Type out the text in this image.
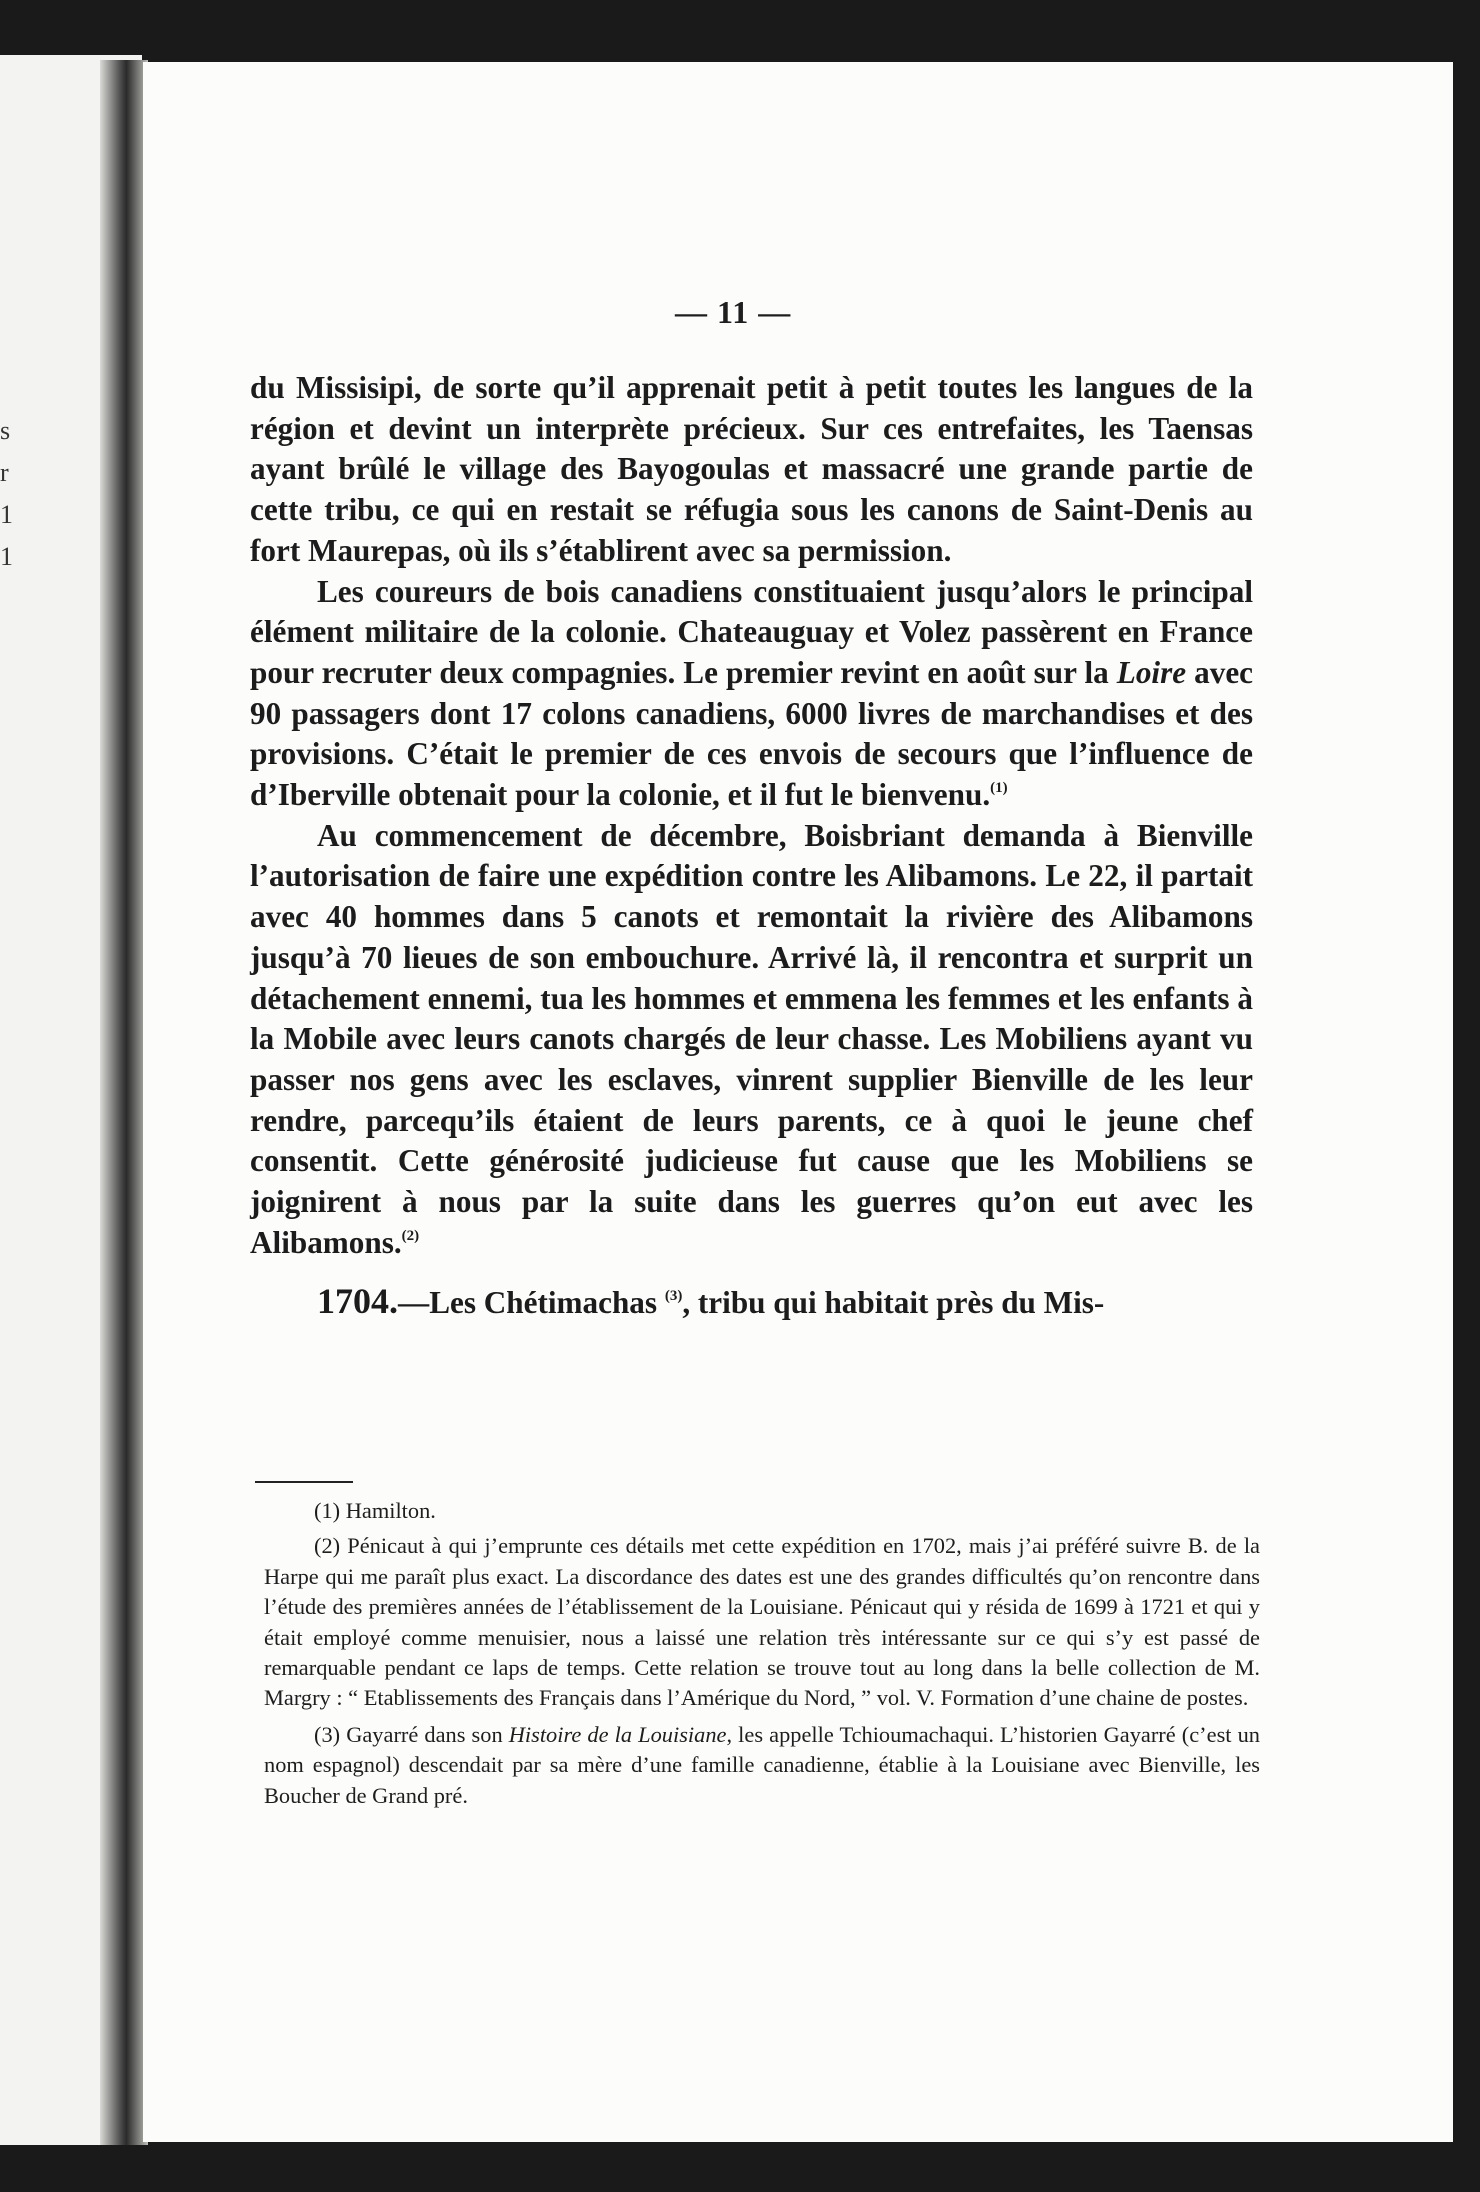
s
r
1
1
— 11 —

du Missisipi, de sorte qu’il apprenait petit à petit toutes les langues de la région et devint un interprète précieux. Sur ces entrefaites, les Taensas ayant brûlé le village des Bayogoulas et massacré une grande partie de cette tribu, ce qui en restait se réfugia sous les canons de Saint-Denis au fort Maurepas, où ils s’établirent avec sa permission.

Les coureurs de bois canadiens constituaient jusqu’alors le principal élément militaire de la colonie. Chateauguay et Volez passèrent en France pour recruter deux compagnies. Le premier revint en août sur la Loire avec 90 passagers dont 17 colons canadiens, 6000 livres de marchandises et des provisions. C’était le premier de ces envois de secours que l’influence de d’Iberville obtenait pour la colonie, et il fut le bienvenu.$^{(1)}$

Au commencement de décembre, Boisbriant demanda à Bienville l’autorisation de faire une expédition contre les Alibamons. Le 22, il partait avec 40 hommes dans 5 canots et remontait la rivière des Alibamons jusqu’à 70 lieues de son embouchure. Arrivé là, il rencontra et surprit un détachement ennemi, tua les hommes et emmena les femmes et les enfants à la Mobile avec leurs canots chargés de leur chasse. Les Mobiliens ayant vu passer nos gens avec les esclaves, vinrent supplier Bienville de les leur rendre, parcequ’ils étaient de leurs parents, ce à quoi le jeune chef consentit. Cette générosité judicieuse fut cause que les Mobiliens se joignirent à nous par la suite dans les guerres qu’on eut avec les Alibamons.$^{(2)}$

1704.—Les Chétimachas $^{(3)}$, tribu qui habitait près du Mis-

(1) Hamilton.

(2) Pénicaut à qui j’emprunte ces détails met cette expédition en 1702, mais j’ai préféré suivre B. de la Harpe qui me paraît plus exact. La discordance des dates est une des grandes difficultés qu’on rencontre dans l’étude des premières années de l’établissement de la Louisiane. Pénicaut qui y résida de 1699 à 1721 et qui y était employé comme menuisier, nous a laissé une relation très intéressante sur ce qui s’y est passé de remarquable pendant ce laps de temps. Cette relation se trouve tout au long dans la belle collection de M. Margry : “ Etablissements des Français dans l’Amérique du Nord, ” vol. V. Formation d’une chaine de postes.

(3) Gayarré dans son Histoire de la Louisiane, les appelle Tchioumachaqui. L’historien Gayarré (c’est un nom espagnol) descendait par sa mère d’une famille canadienne, établie à la Louisiane avec Bienville, les Boucher de Grand pré.
